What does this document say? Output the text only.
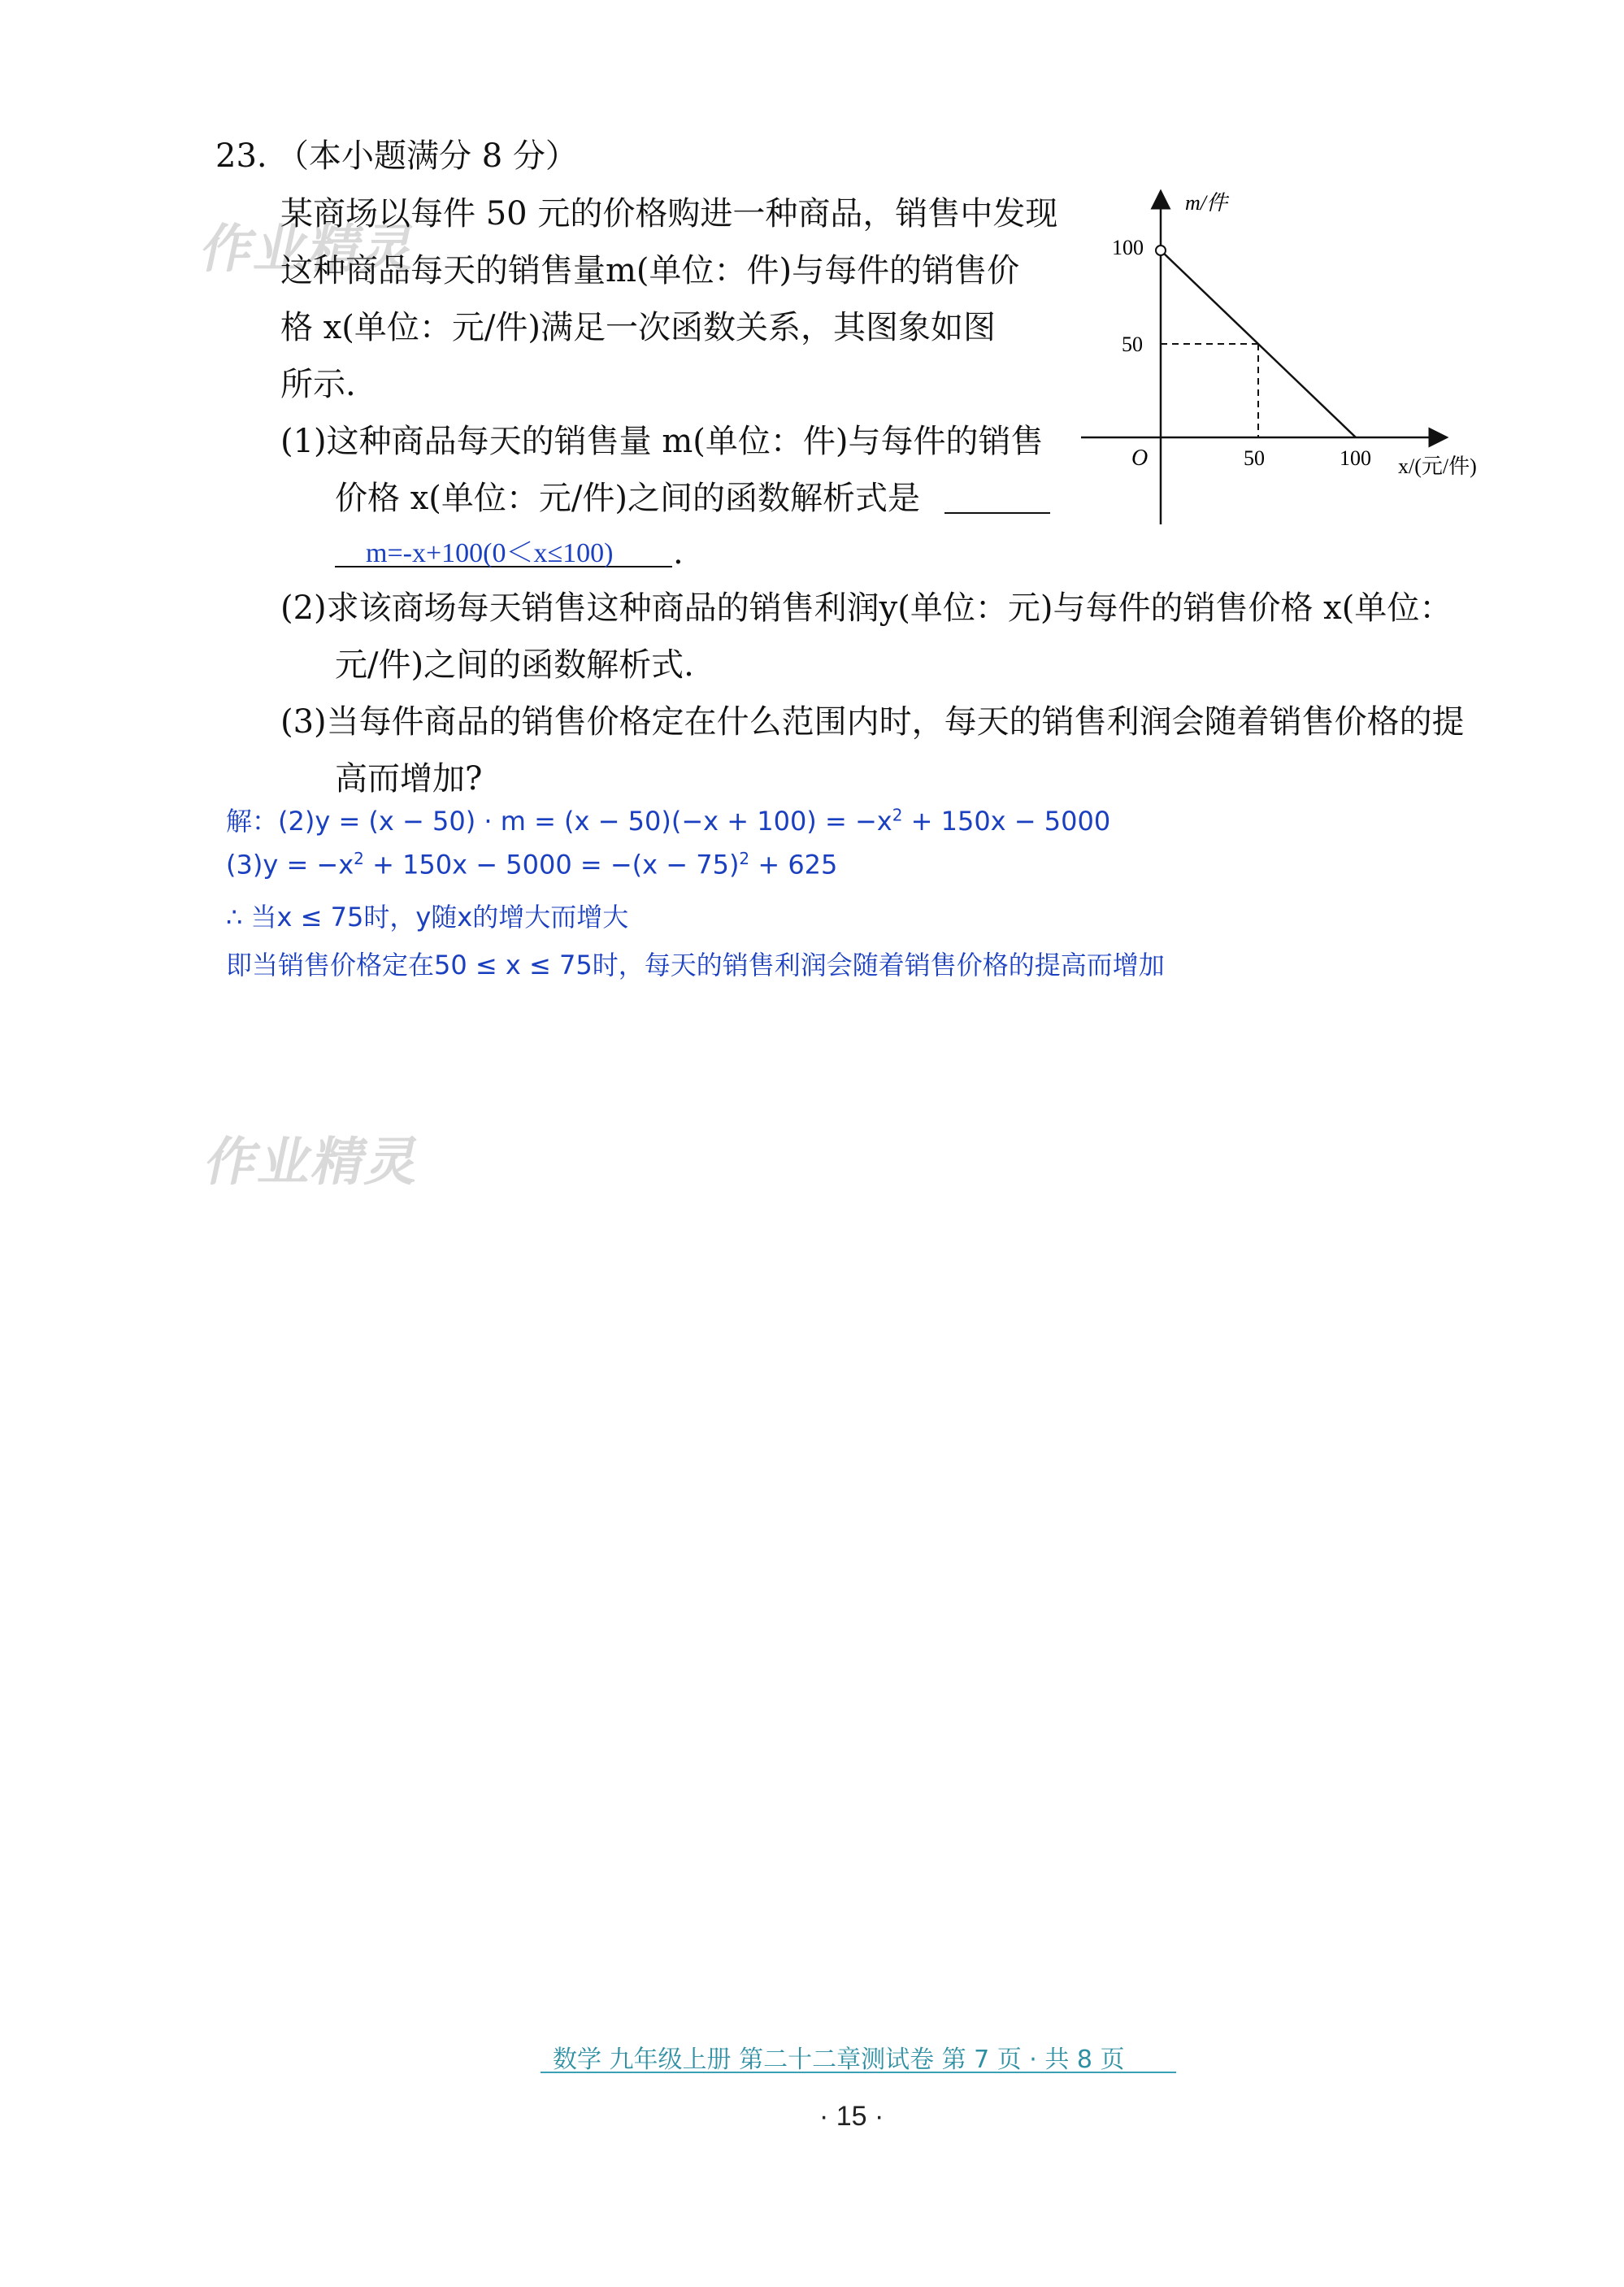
作业精灵
作业精灵
23. （本小题满分 8 分）
某商场以每件 50 元的价格购进一种商品，销售中发现
这种商品每天的销售量m(单位：件)与每件的销售价
格 x(单位：元/件)满足一次函数关系，其图象如图
所示.
(1)这种商品每天的销售量 m(单位：件)与每件的销售
价格 x(单位：元/件)之间的函数解析式是
m=-x+100(0＜x≤100)	.
(2)求该商场每天销售这种商品的销售利润y(单位：元)与每件的销售价格 x(单位：
元/件)之间的函数解析式.
(3)当每件商品的销售价格定在什么范围内时，每天的销售利润会随着销售价格的提
高而增加?
解：$(2)y = (x - 50) \cdot m = (x - 50)(-x + 100) = -x^2 + 150x - 5000$
$(3)y = -x^2 + 150x - 5000 = -(x - 75)^2 + 625$
∴ 当x ≤ 75时，y随x的增大而增大
即当销售价格定在50 ≤ x ≤ 75时，每天的销售利润会随着销售价格的提高而增加
m/件
x/(元/件)
O
100
50
50	100
数学 九年级上册 第二十二章测试卷 第 7 页 · 共 8 页
· 15 ·
